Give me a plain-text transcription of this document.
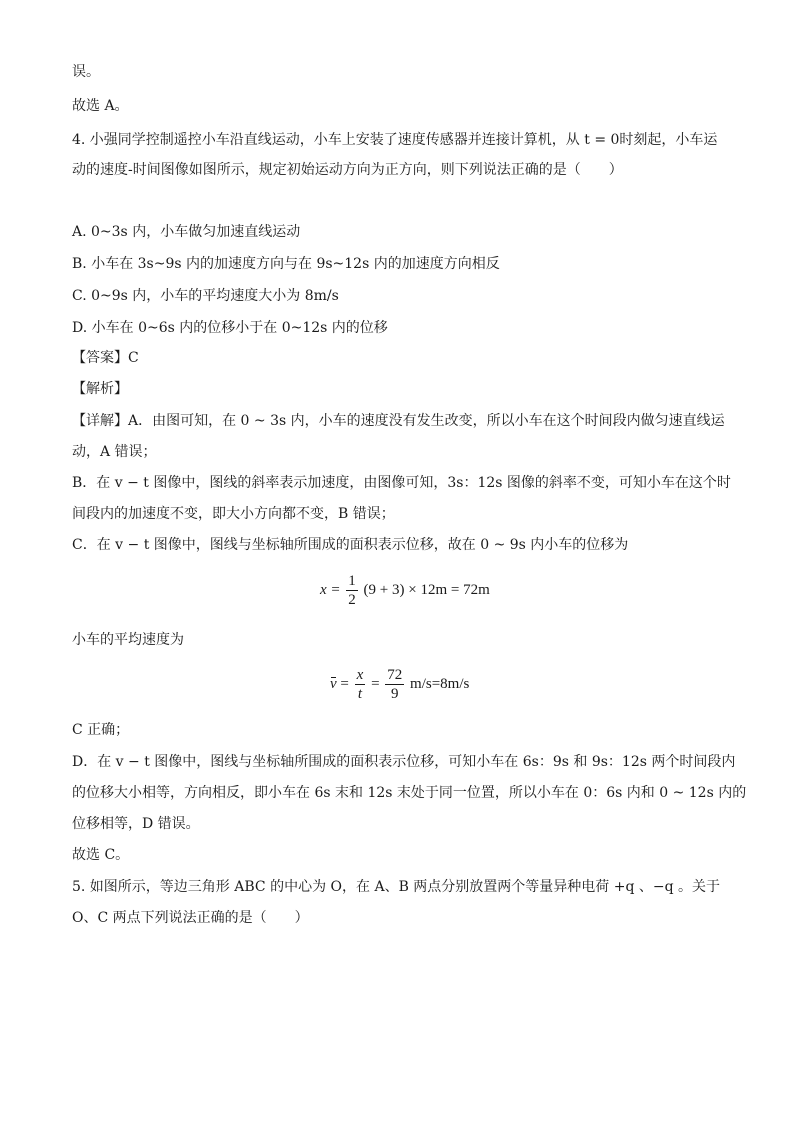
误。
故选 A。
4. 小强同学控制遥控小车沿直线运动，小车上安装了速度传感器并连接计算机，从 t = 0时刻起，小车运
动的速度-时间图像如图所示，规定初始运动方向为正方向，则下列说法正确的是（　　）
A. 0~3s 内，小车做匀加速直线运动
B. 小车在 3s~9s 内的加速度方向与在 9s~12s 内的加速度方向相反
C. 0~9s 内，小车的平均速度大小为 8m/s
D. 小车在 0~6s 内的位移小于在 0~12s 内的位移
【答案】C
【解析】
【详解】A．由图可知，在 0 ~ 3s 内，小车的速度没有发生改变，所以小车在这个时间段内做匀速直线运
动，A 错误；
B．在 v − t 图像中，图线的斜率表示加速度，由图像可知，3s：12s 图像的斜率不变，可知小车在这个时
间段内的加速度不变，即大小方向都不变，B 错误；
C．在 v − t 图像中，图线与坐标轴所围成的面积表示位移，故在 0 ~ 9s 内小车的位移为
$x = \frac{1}{2} (9 + 3) \times 12m = 72m$
小车的平均速度为
$v = \frac{x}{t} = \frac{72}{9} m/s=8m/s$
C 正确；
D．在 v − t 图像中，图线与坐标轴所围成的面积表示位移，可知小车在 6s：9s 和 9s：12s 两个时间段内
的位移大小相等，方向相反，即小车在 6s 末和 12s 末处于同一位置，所以小车在 0：6s 内和 0 ~ 12s 内的
位移相等，D 错误。
故选 C。
5. 如图所示，等边三角形 ABC 的中心为 O，在 A、B 两点分别放置两个等量异种电荷 +q 、−q 。关于
O、C 两点下列说法正确的是（　　）
